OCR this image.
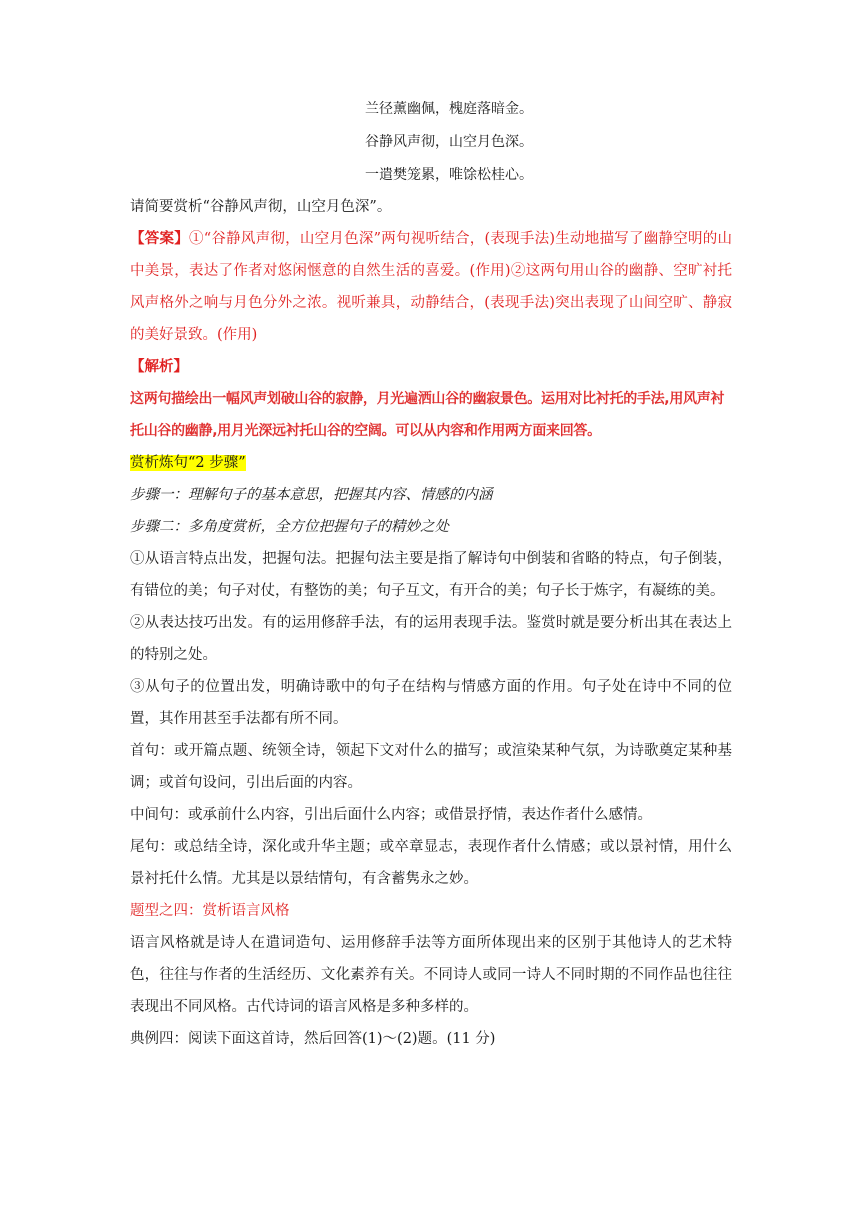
兰径薰幽佩，槐庭落暗金。

谷静风声彻，山空月色深。

一遣樊笼累，唯馀松桂心。

请简要赏析“谷静风声彻，山空月色深”。

【答案】①“谷静风声彻，山空月色深”两句视听结合，(表现手法)生动地描写了幽静空明的山中美景，表达了作者对悠闲惬意的自然生活的喜爱。(作用)②这两句用山谷的幽静、空旷衬托风声格外之响与月色分外之浓。视听兼具，动静结合，(表现手法)突出表现了山间空旷、静寂的美好景致。(作用)

【解析】

这两句描绘出一幅风声划破山谷的寂静，月光遍洒山谷的幽寂景色。运用对比衬托的手法,用风声衬托山谷的幽静,用月光深远衬托山谷的空阔。可以从内容和作用两方面来回答。

赏析炼句“2 步骤”

步骤一：理解句子的基本意思，把握其内容、情感的内涵

步骤二：多角度赏析，全方位把握句子的精妙之处

①从语言特点出发，把握句法。把握句法主要是指了解诗句中倒装和省略的特点，句子倒装，有错位的美；句子对仗，有整饬的美；句子互文，有开合的美；句子长于炼字，有凝练的美。

②从表达技巧出发。有的运用修辞手法，有的运用表现手法。鉴赏时就是要分析出其在表达上的特别之处。

③从句子的位置出发，明确诗歌中的句子在结构与情感方面的作用。句子处在诗中不同的位置，其作用甚至手法都有所不同。

首句：或开篇点题、统领全诗，领起下文对什么的描写；或渲染某种气氛，为诗歌奠定某种基调；或首句设问，引出后面的内容。

中间句：或承前什么内容，引出后面什么内容；或借景抒情，表达作者什么感情。

尾句：或总结全诗，深化或升华主题；或卒章显志，表现作者什么情感；或以景衬情，用什么景衬托什么情。尤其是以景结情句，有含蓄隽永之妙。

题型之四：赏析语言风格

语言风格就是诗人在遣词造句、运用修辞手法等方面所体现出来的区别于其他诗人的艺术特色，往往与作者的生活经历、文化素养有关。不同诗人或同一诗人不同时期的不同作品也往往表现出不同风格。古代诗词的语言风格是多种多样的。

典例四：阅读下面这首诗，然后回答(1)～(2)题。(11 分)
